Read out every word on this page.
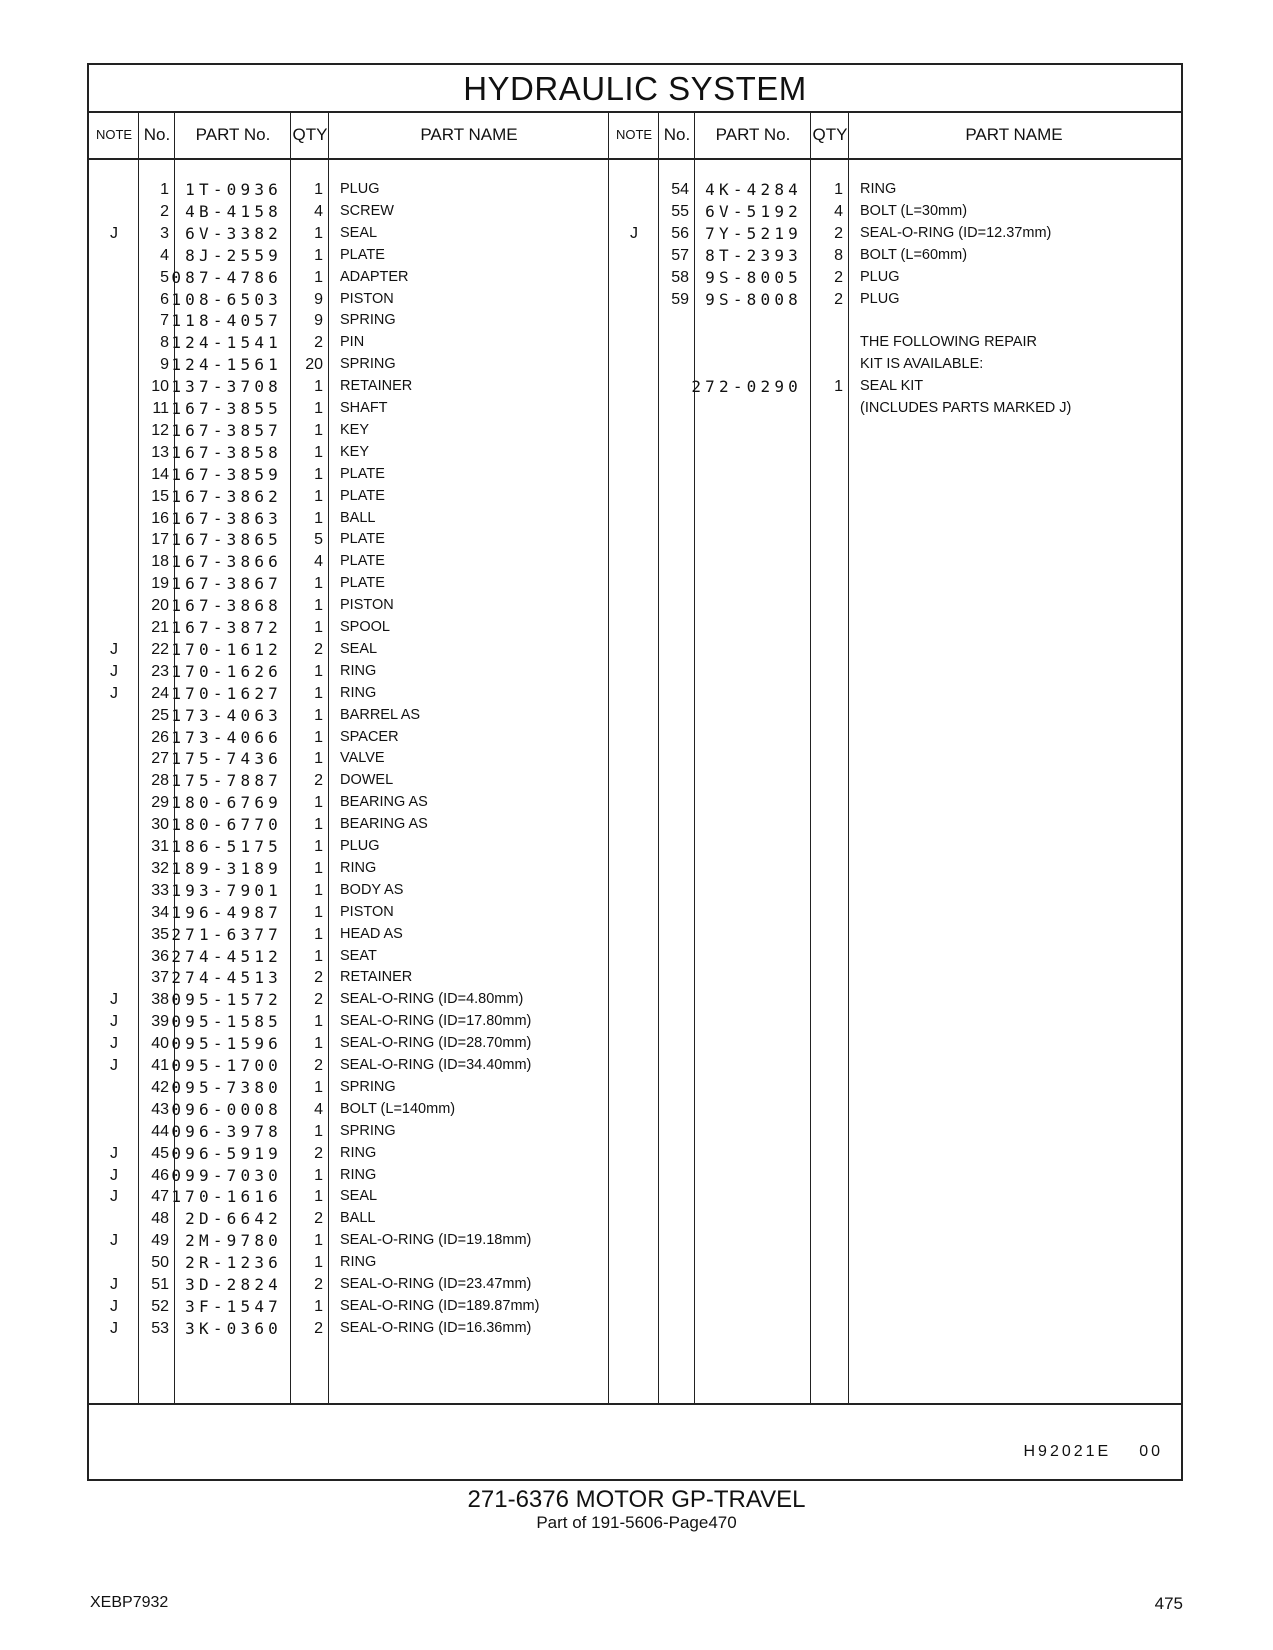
HYDRAULIC SYSTEM
NOTE No.	PART No.	QTY	PART NAME	NOTE No.	PART No.	QTY	PART NAME
1	1T-0936	1 PLUG
2	4B-4158	4 SCREW
J	3	6V-3382	1 SEAL
4	8J-2559	1 PLATE
5 087-4786	1 ADAPTER
6 108-6503	9 PISTON
7 118-4057	9 SPRING
8 124-1541	2 PIN
9 124-1561	20 SPRING
10 137-3708	1 RETAINER
11 167-3855	1 SHAFT
12 167-3857	1 KEY
13 167-3858	1 KEY
14 167-3859	1 PLATE
15 167-3862	1 PLATE
16 167-3863	1 BALL
17 167-3865	5 PLATE
18 167-3866	4 PLATE
19 167-3867	1 PLATE
20 167-3868	1 PISTON
21 167-3872	1 SPOOL
J	22 170-1612	2 SEAL
J	23 170-1626	1 RING
J	24 170-1627	1 RING
25 173-4063	1 BARREL AS
26 173-4066	1 SPACER
27 175-7436	1 VALVE
28 175-7887	2 DOWEL
29 180-6769	1 BEARING AS
30 180-6770	1 BEARING AS
31 186-5175	1 PLUG
32 189-3189	1 RING
33 193-7901	1 BODY AS
34 196-4987	1 PISTON
35 271-6377	1 HEAD AS
36 274-4512	1 SEAT
37 274-4513	2 RETAINER
J	38 095-1572	2 SEAL-O-RING (ID=4.80mm)
J	39 095-1585	1 SEAL-O-RING (ID=17.80mm)
J	40 095-1596	1 SEAL-O-RING (ID=28.70mm)
J	41 095-1700	2 SEAL-O-RING (ID=34.40mm)
42 095-7380	1 SPRING
43 096-0008	4 BOLT (L=140mm)
44 096-3978	1 SPRING
J	45 096-5919	2 RING
J	46 099-7030	1 RING
J	47 170-1616	1 SEAL
48	2D-6642	2 BALL
J	49	2M-9780	1 SEAL-O-RING (ID=19.18mm)
50	2R-1236	1 RING
J	51	3D-2824	2 SEAL-O-RING (ID=23.47mm)
J	52	3F-1547	1 SEAL-O-RING (ID=189.87mm)
J	53	3K-0360	2 SEAL-O-RING (ID=16.36mm)
54	4K-4284	1 RING
55	6V-5192	4 BOLT (L=30mm)
J	56	7Y-5219	2 SEAL-O-RING (ID=12.37mm)
57	8T-2393	8 BOLT (L=60mm)
58	9S-8005	2 PLUG
59	9S-8008	2 PLUG
THE FOLLOWING REPAIR
KIT IS AVAILABLE:
272-0290	1 SEAL KIT
(INCLUDES PARTS MARKED J)
H92021E 00
271-6376 MOTOR GP-TRAVEL
Part of 191-5606-Page470
XEBP7932	475
